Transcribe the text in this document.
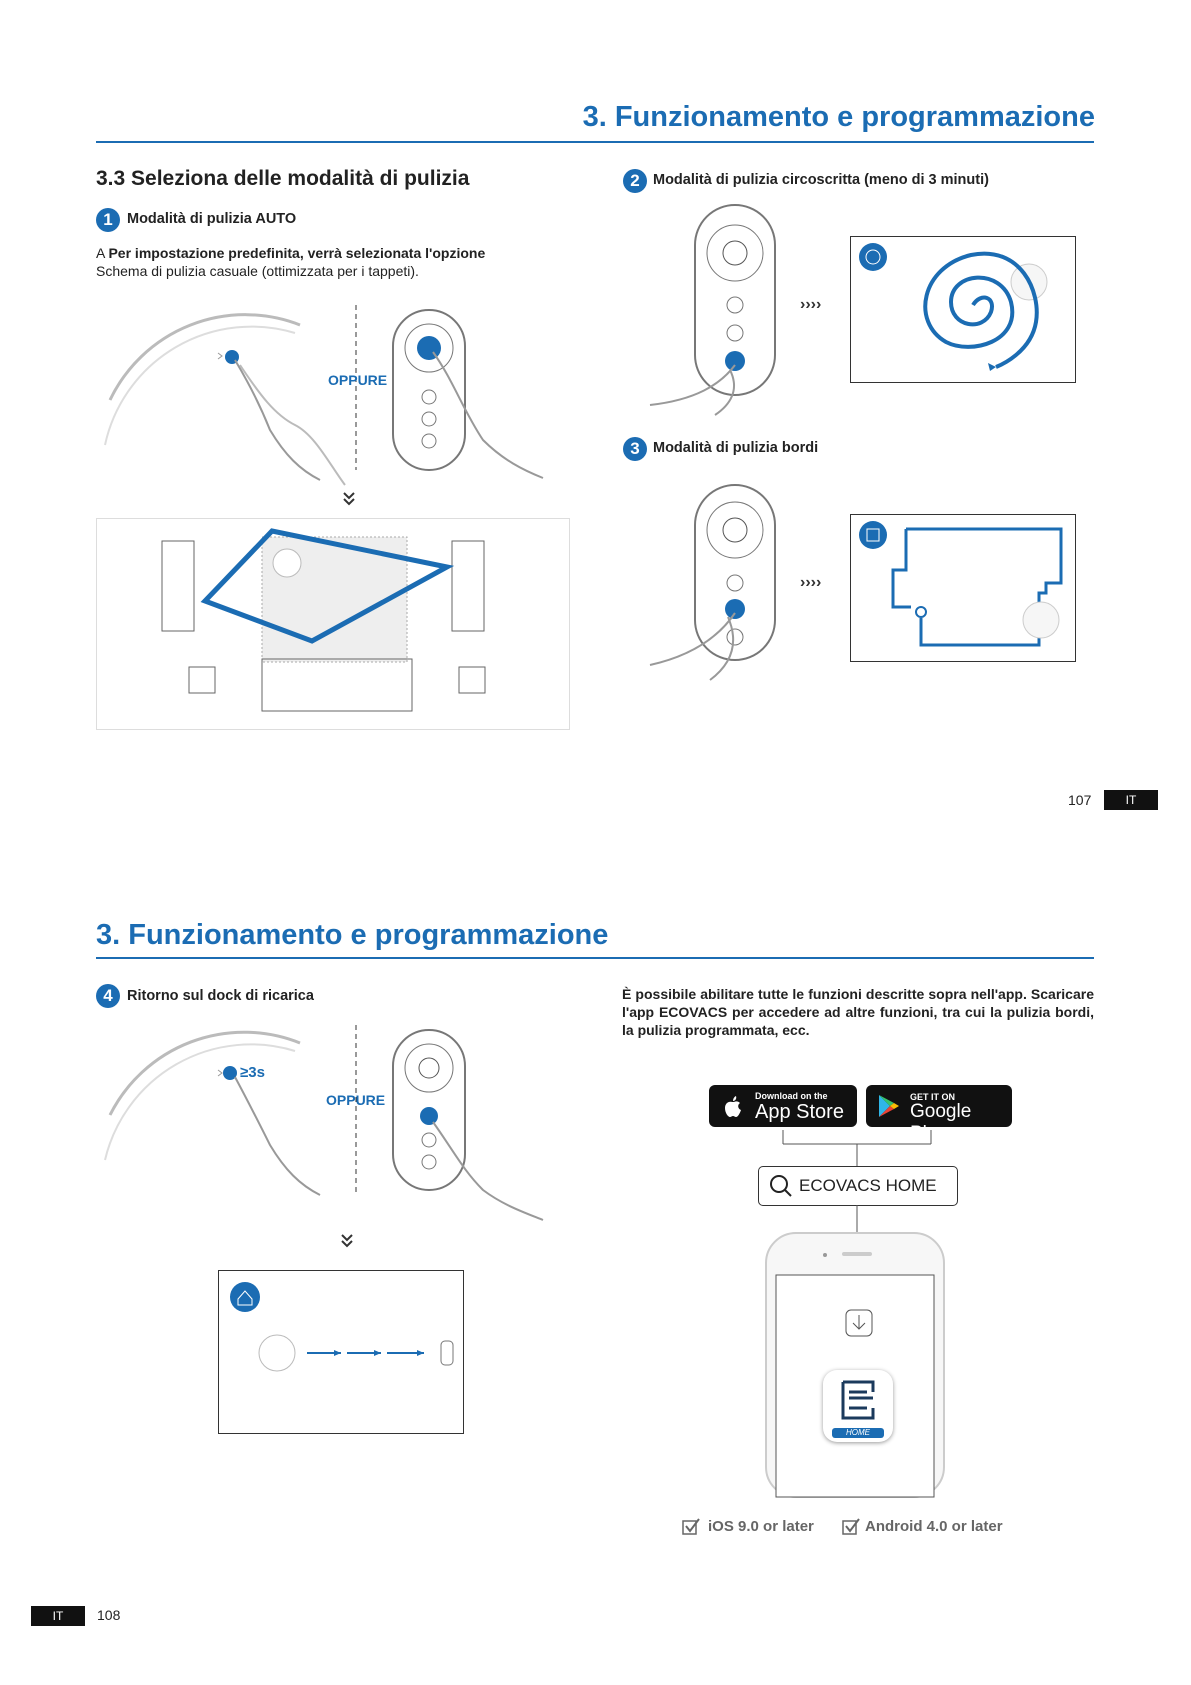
3. Funzionamento e programmazione
3.3 Seleziona delle modalità di pulizia
1 Modalità di pulizia AUTO
A Per impostazione predefinita, verrà selezionata l'opzione
Schema di pulizia casuale (ottimizzata per i tappeti).
OPPURE
2 Modalità di pulizia circoscritta (meno di 3 minuti)
››››
3 Modalità di pulizia bordi
››››
107	IT
3. Funzionamento e programmazione
4 Ritorno sul dock di ricarica
≥3s
OPPURE
È possibile abilitare tutte le funzioni descritte sopra nell'app. Scaricare l'app ECOVACS per accedere ad altre funzioni, tra cui la pulizia bordi, la pulizia programmata, ecc.
Download on the
App Store
GET IT ON
Google Play
ECOVACS HOME
HOME
iOS 9.0 or later	Android 4.0 or later
IT	108
